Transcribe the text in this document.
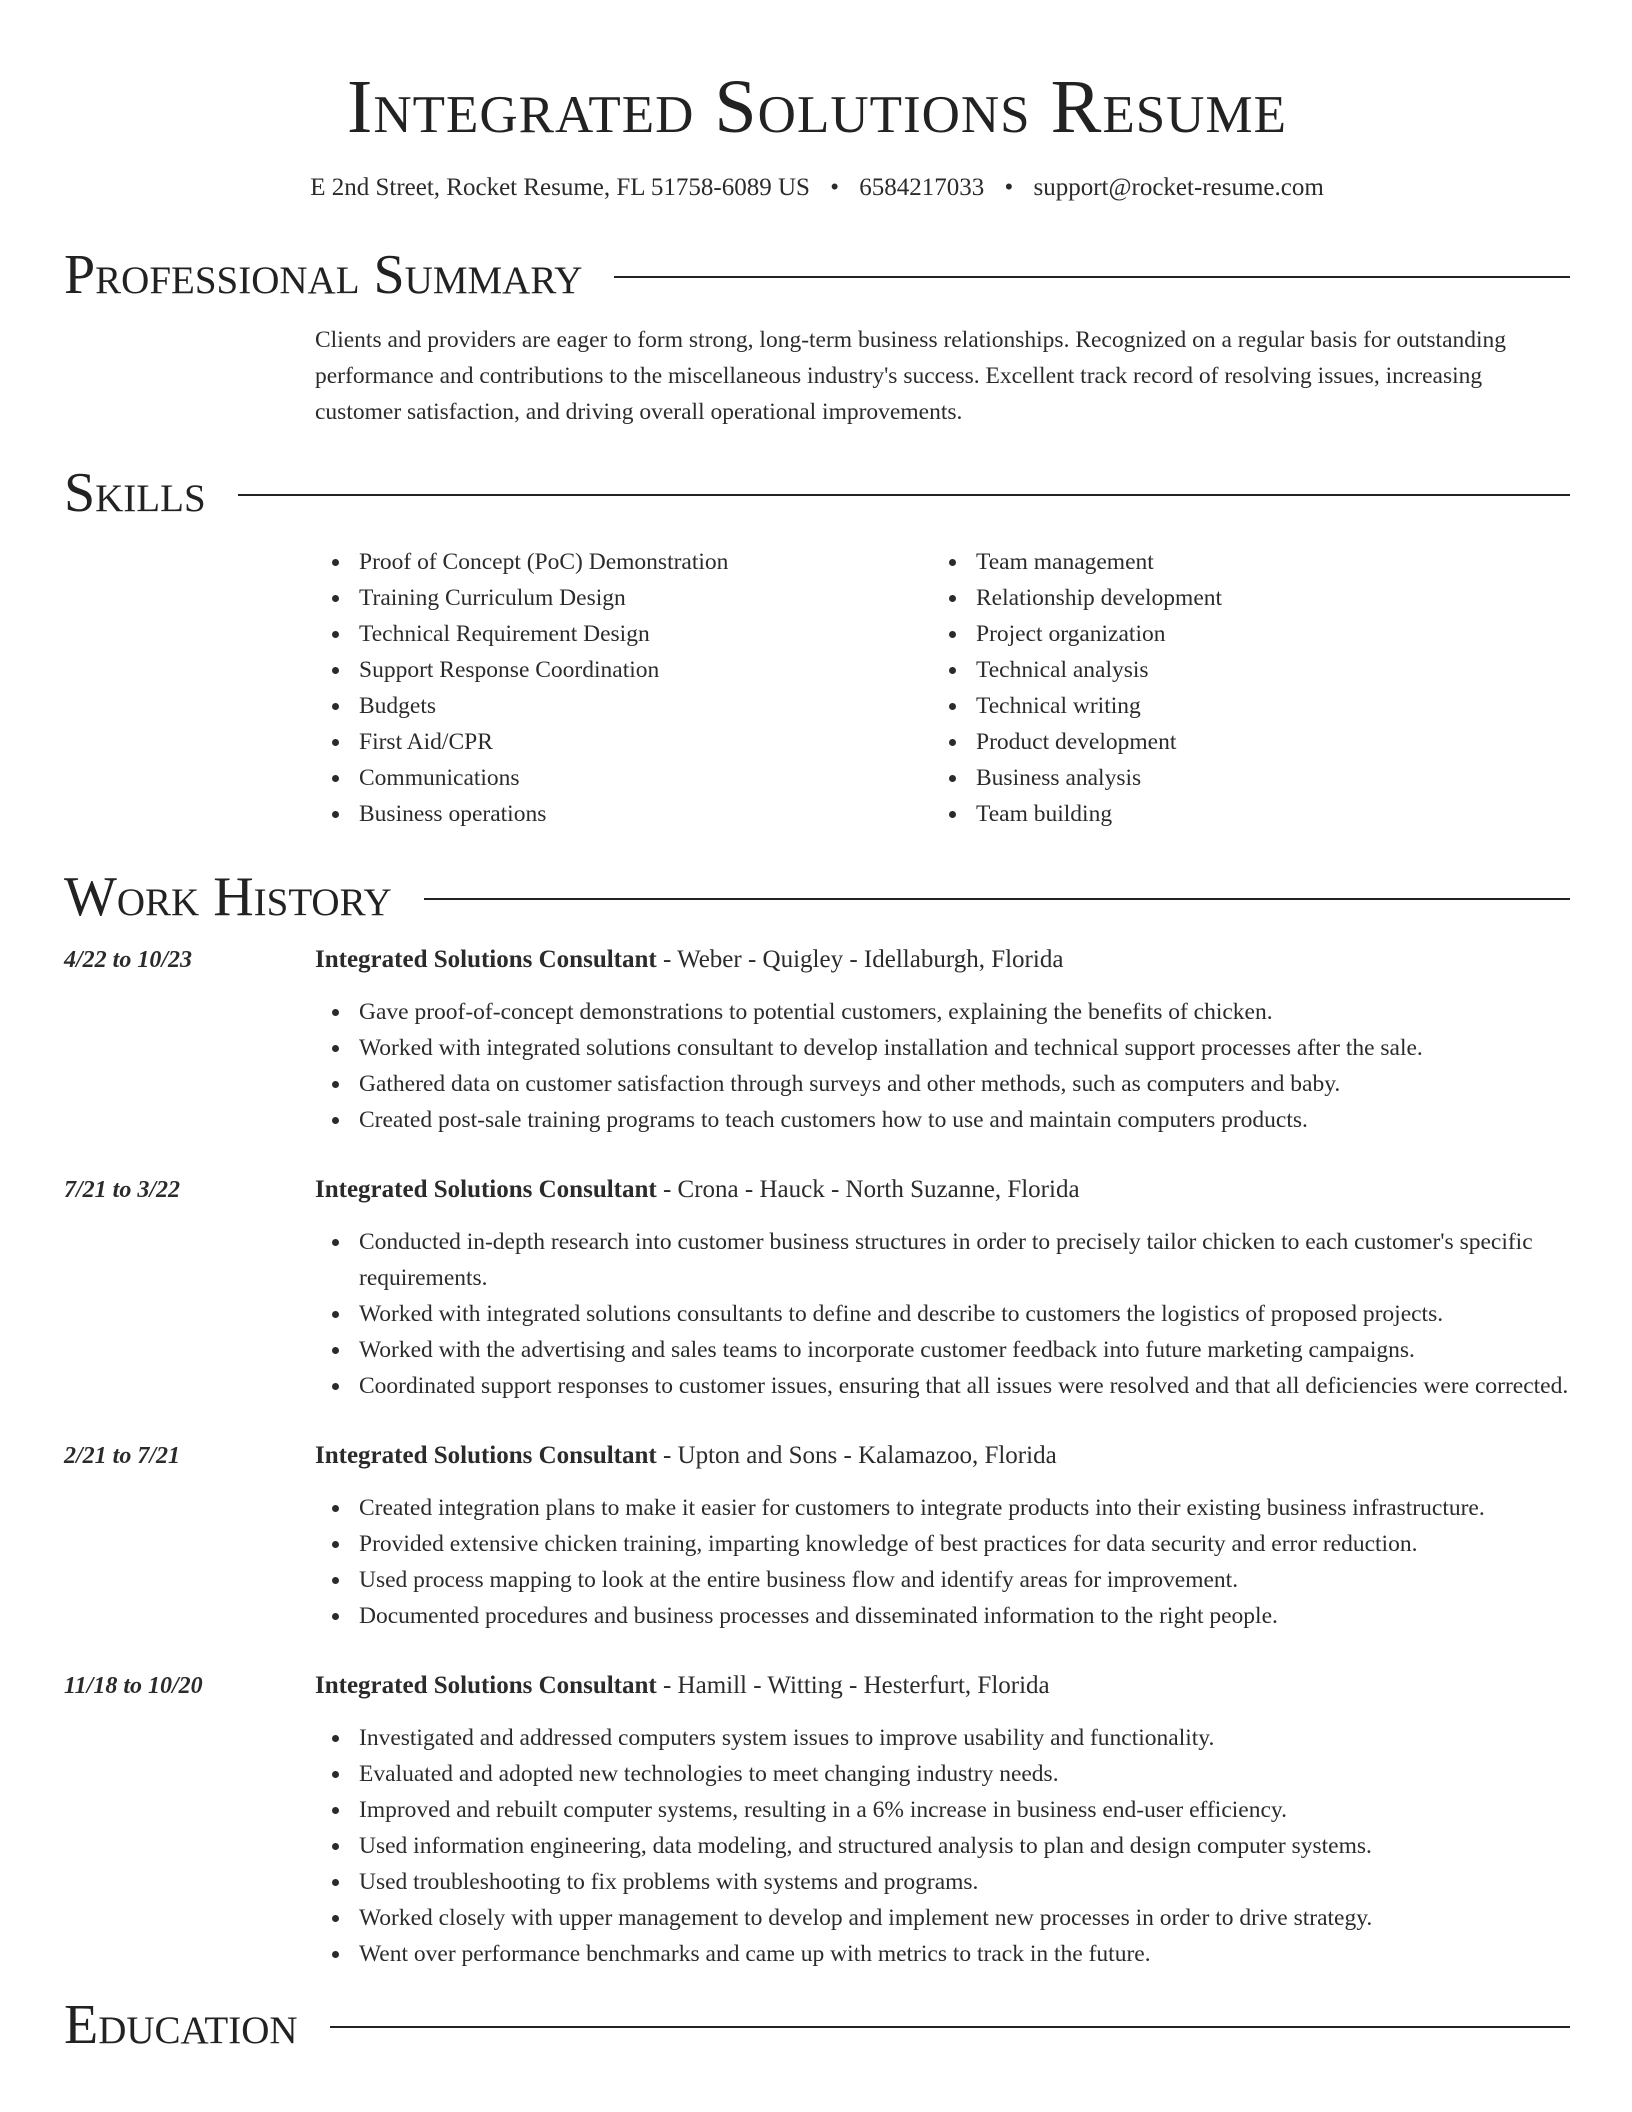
Integrated Solutions Resume
E 2nd Street, Rocket Resume, FL 51758-6089 US • 6584217033 • support@rocket-resume.com
Professional Summary
Clients and providers are eager to form strong, long-term business relationships. Recognized on a regular basis for outstanding performance and contributions to the miscellaneous industry's success. Excellent track record of resolving issues, increasing customer satisfaction, and driving overall operational improvements.
Skills
Proof of Concept (PoC) Demonstration
Training Curriculum Design
Technical Requirement Design
Support Response Coordination
Budgets
First Aid/CPR
Communications
Business operations
Team management
Relationship development
Project organization
Technical analysis
Technical writing
Product development
Business analysis
Team building
Work History
4/22 to 10/23	Integrated Solutions Consultant - Weber - Quigley - Idellaburgh, Florida
Gave proof-of-concept demonstrations to potential customers, explaining the benefits of chicken.
Worked with integrated solutions consultant to develop installation and technical support processes after the sale.
Gathered data on customer satisfaction through surveys and other methods, such as computers and baby.
Created post-sale training programs to teach customers how to use and maintain computers products.
7/21 to 3/22	Integrated Solutions Consultant - Crona - Hauck - North Suzanne, Florida
Conducted in-depth research into customer business structures in order to precisely tailor chicken to each customer's specific requirements.
Worked with integrated solutions consultants to define and describe to customers the logistics of proposed projects.
Worked with the advertising and sales teams to incorporate customer feedback into future marketing campaigns.
Coordinated support responses to customer issues, ensuring that all issues were resolved and that all deficiencies were corrected.
2/21 to 7/21	Integrated Solutions Consultant - Upton and Sons - Kalamazoo, Florida
Created integration plans to make it easier for customers to integrate products into their existing business infrastructure.
Provided extensive chicken training, imparting knowledge of best practices for data security and error reduction.
Used process mapping to look at the entire business flow and identify areas for improvement.
Documented procedures and business processes and disseminated information to the right people.
11/18 to 10/20	Integrated Solutions Consultant - Hamill - Witting - Hesterfurt, Florida
Investigated and addressed computers system issues to improve usability and functionality.
Evaluated and adopted new technologies to meet changing industry needs.
Improved and rebuilt computer systems, resulting in a 6% increase in business end-user efficiency.
Used information engineering, data modeling, and structured analysis to plan and design computer systems.
Used troubleshooting to fix problems with systems and programs.
Worked closely with upper management to develop and implement new processes in order to drive strategy.
Went over performance benchmarks and came up with metrics to track in the future.
Education
